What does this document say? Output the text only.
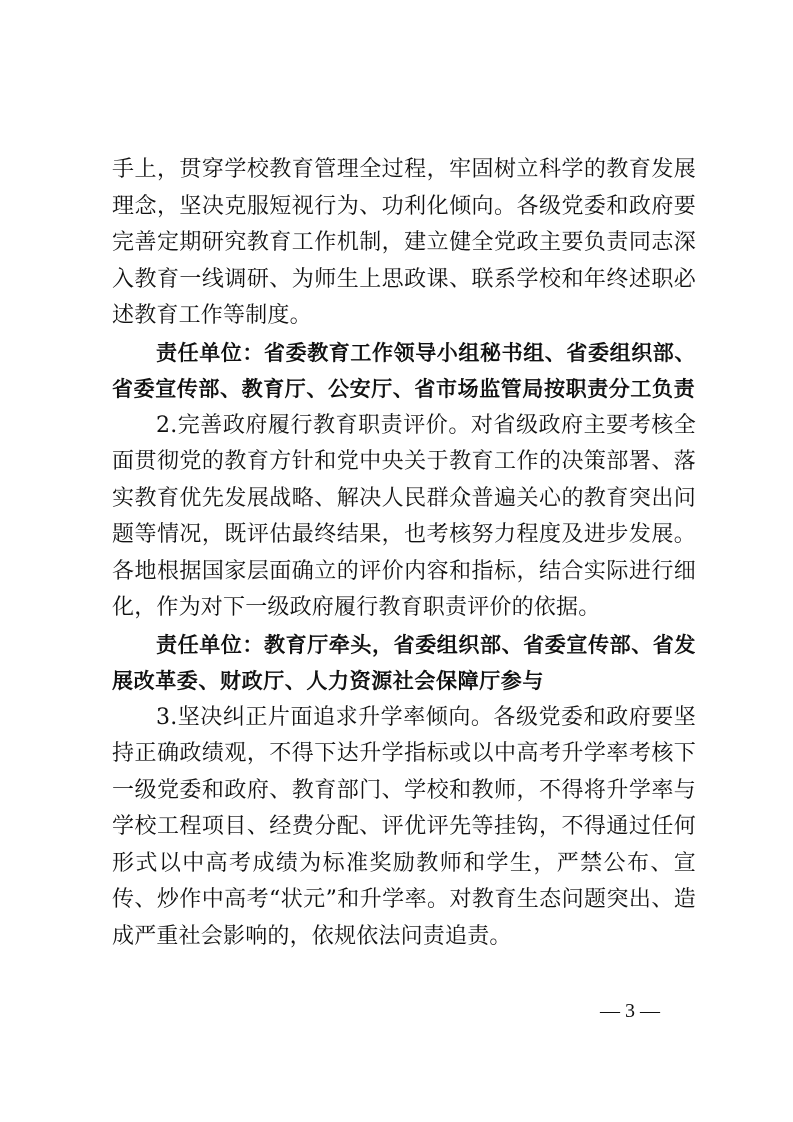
手上，贯穿学校教育管理全过程，牢固树立科学的教育发展理念，坚决克服短视行为、功利化倾向。各级党委和政府要完善定期研究教育工作机制，建立健全党政主要负责同志深入教育一线调研、为师生上思政课、联系学校和年终述职必述教育工作等制度。

责任单位：省委教育工作领导小组秘书组、省委组织部、省委宣传部、教育厅、公安厅、省市场监管局按职责分工负责

2.完善政府履行教育职责评价。对省级政府主要考核全面贯彻党的教育方针和党中央关于教育工作的决策部署、落实教育优先发展战略、解决人民群众普遍关心的教育突出问题等情况，既评估最终结果，也考核努力程度及进步发展。各地根据国家层面确立的评价内容和指标，结合实际进行细化，作为对下一级政府履行教育职责评价的依据。

责任单位：教育厅牵头，省委组织部、省委宣传部、省发展改革委、财政厅、人力资源社会保障厅参与

3.坚决纠正片面追求升学率倾向。各级党委和政府要坚持正确政绩观，不得下达升学指标或以中高考升学率考核下一级党委和政府、教育部门、学校和教师，不得将升学率与学校工程项目、经费分配、评优评先等挂钩，不得通过任何形式以中高考成绩为标准奖励教师和学生，严禁公布、宣传、炒作中高考“状元”和升学率。对教育生态问题突出、造成严重社会影响的，依规依法问责追责。

— 3 —
